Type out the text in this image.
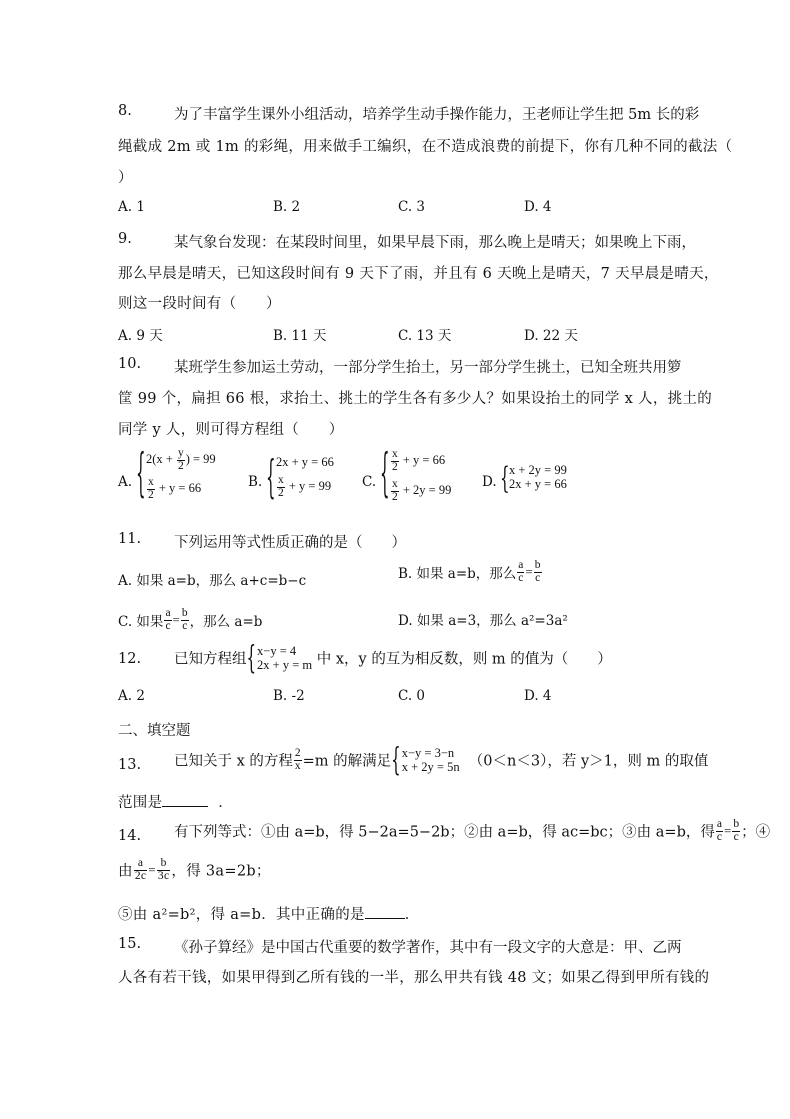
8.	为了丰富学生课外小组活动，培养学生动手操作能力，王老师让学生把 5m 长的彩
绳截成 2m 或 1m 的彩绳，用来做手工编织，在不造成浪费的前提下，你有几种不同的截法（
）
A. 1	B. 2	C. 3	D. 4
9.	某气象台发现：在某段时间里，如果早晨下雨，那么晚上是晴天；如果晚上下雨，
那么早晨是晴天，已知这段时间有 9 天下了雨，并且有 6 天晚上是晴天，7 天早晨是晴天，
则这一段时间有（　　）
A. 9 天	B. 11 天	C. 13 天	D. 22 天
10. 某班学生参加运土劳动，一部分学生抬土，另一部分学生挑土，已知全班共用箩
筐 99 个，扁担 66 根，求抬土、挑土的学生各有多少人？如果设抬土的同学 x 人，挑土的
同学 y 人，则可得方程组（　　）
A. { $2(x + \frac{y}{2}$ ) = 99
$\frac{x}{2} + y = 66$	B. { 2x + y = 66
$\frac{x}{2} + y = 99$ C. { $\frac{x}{2} + y = 66$
$\frac{x}{2} + 2y = 99$ D. { x + 2y = 99
2x + y = 66
11. 下列运用等式性质正确的是（　　）
A. 如果 a=b，那么 a+c=b−c	B. 如果 a=b，那么 $\frac{a}{c} = \frac{b}{c}$
C. 如果 $\frac{a}{c} = \frac{b}{c}$ ，那么 a=b	D. 如果 a=3，那么 a²=3a²
12. 已知方程组{ x−y = 4
2x + y = m 中 x，y 的互为相反数，则 m 的值为（　　）
A. 2	B. -2	C. 0	D. 4
二、填空题
13. 已知关于 x 的方程 $\frac{2}{x} =m$ 的解满足{ x−y = 3−n
x + 2y = 5n （0＜n＜3），若 y＞1，则 m 的取值
范围是	．
14. 有下列等式：①由 a=b，得 5−2a=5−2b；②由 a=b，得 ac=bc；③由 a=b，得 $\frac{a}{c} = \frac{b}{c}$ ；④
由 $\frac{a}{2c} = \frac{b}{3c}$ ，得 3a=2b；
⑤由 a²=b²，得 a=b．其中正确的是	．
15. 《孙子算经》是中国古代重要的数学著作，其中有一段文字的大意是：甲、乙两
人各有若干钱，如果甲得到乙所有钱的一半，那么甲共有钱 48 文；如果乙得到甲所有钱的
